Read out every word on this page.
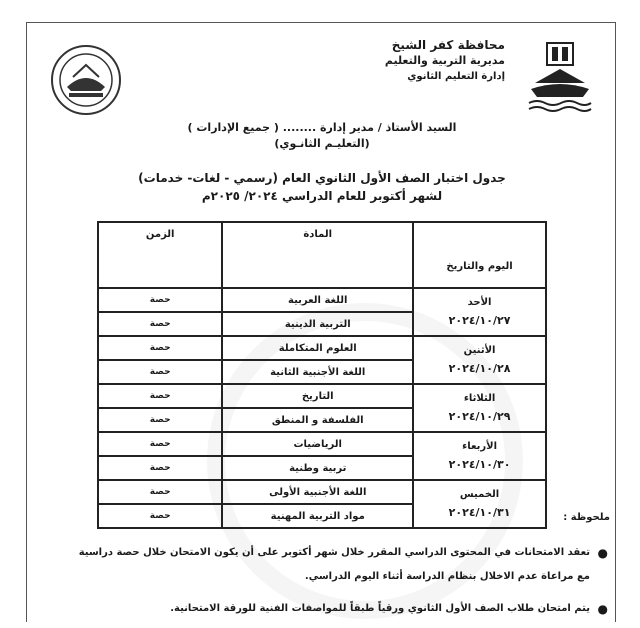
محافظة كفر الشيخ
مديرية التربية والتعليم
إدارة التعليم الثانوي
السيد الأستاذ / مدير إدارة ........ ( جميع الإدارات )
(التعليـم الثانـوي)
جدول اختبار الصف الأول الثانوي العام (رسمي - لغات- خدمات)
لشهر أكتوبر للعام الدراسي ٢٠٢٤/ ٢٠٢٥م
اليوم والتاريخ	المادة	الزمن

الأحد
٢٠٢٤/١٠/٢٧	اللغة العربية	حصة
	التربية الدينية	حصة

الأثنين
٢٠٢٤/١٠/٢٨	العلوم المتكاملة	حصة
	اللغة الأجنبية الثانية	حصة

الثلاثاء
٢٠٢٤/١٠/٢٩	التاريخ	حصة
	الفلسفة و المنطق	حصة

الأربعاء
٢٠٢٤/١٠/٣٠	الرياضيات	حصة
	تربية وطنية	حصة

الخميس
٢٠٢٤/١٠/٣١	اللغة الأجنبية الأولى	حصة
	مواد التربية المهنية	حصة	ملحوظة :
●
تعقد الامتحانات في المحتوى الدراسي المقرر خلال شهر أكتوبر على أن يكون الامتحان خلال حصة دراسية مع مراعاة عدم الاخلال بنظام الدراسة أثناء اليوم الدراسي.
●
يتم امتحان طلاب الصف الأول الثانوي ورقياً طبقاً للمواصفات الفنية للورقة الامتحانية.
